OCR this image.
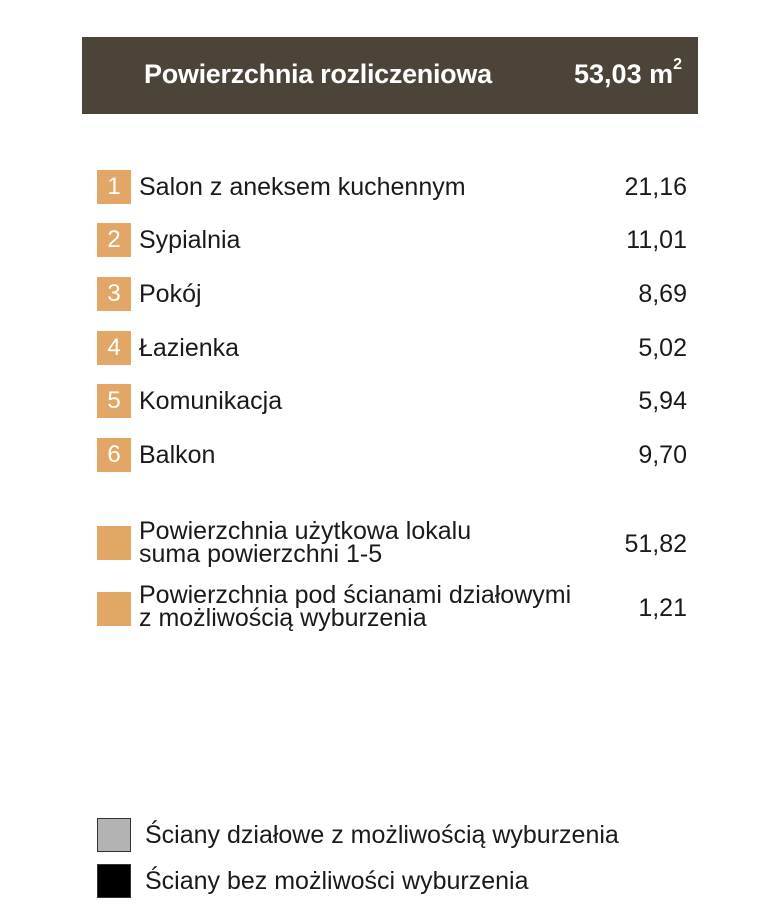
Powierzchnia rozliczeniowa	53,03 $m^2$
1 Salon z aneksem kuchennym	21,16
2 Sypialnia	11,01
3 Pokój	8,69
4 Łazienka	5,02
5 Komunikacja	5,94
6 Balkon	9,70
Powierzchnia użytkowa lokalu
suma powierzchni 1-5	51,82
Powierzchnia pod ścianami działowymi
z możliwością wyburzenia	1,21
Ściany działowe z możliwością wyburzenia
Ściany bez możliwości wyburzenia
